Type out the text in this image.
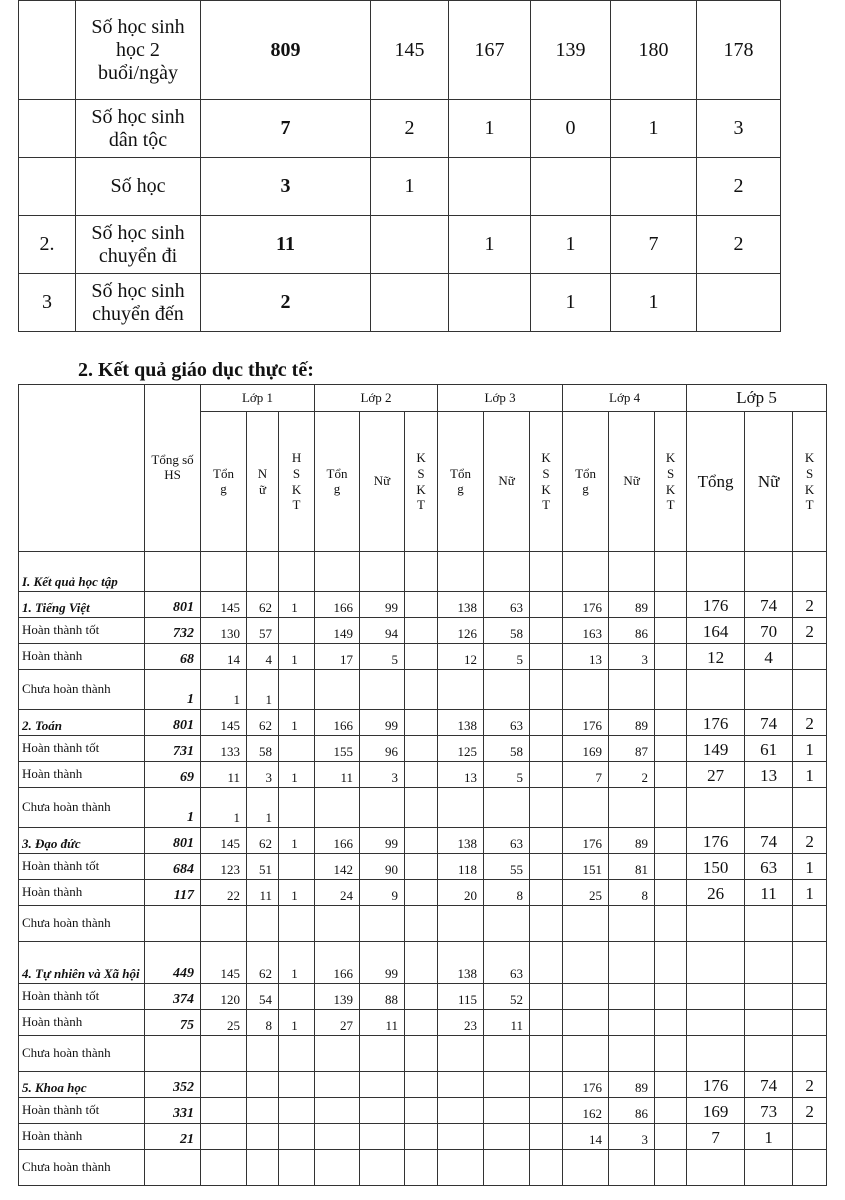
	Số học sinh học 2 buổi/ngày	809	145	167	139	180	178
	Số học sinh dân tộc	7	2	1	0	1	3
	Số học	3	1				2
2.	Số học sinh chuyển đi	11		1	1	7	2
3	Số học sinh chuyển đến	2			1	1	
2. Kết quả giáo dục thực tế:
	Tổng số HS	Lớp 1			Lớp 2			Lớp 3			Lớp 4			Lớp 5		
		Tổn g	N ữ	H S K T	Tổn g	Nữ	K S K T	Tổn g	Nữ	K S K T	Tổn g	Nữ	K S K T	Tổng	Nữ	K S K T
I. Kết quả học tập																
1. Tiếng Việt	801	145	62	1	166	99		138	63		176	89		176	74	2
Hoàn thành tốt	732	130	57		149	94		126	58		163	86		164	70	2
Hoàn thành	68	14	4	1	17	5		12	5		13	3		12	4	
Chưa hoàn thành	1	1	1													
2. Toán	801	145	62	1	166	99		138	63		176	89		176	74	2
Hoàn thành tốt	731	133	58		155	96		125	58		169	87		149	61	1
Hoàn thành	69	11	3	1	11	3		13	5		7	2		27	13	1
Chưa hoàn thành	1	1	1													
3. Đạo đức	801	145	62	1	166	99		138	63		176	89		176	74	2
Hoàn thành tốt	684	123	51		142	90		118	55		151	81		150	63	1
Hoàn thành	117	22	11	1	24	9		20	8		25	8		26	11	1
Chưa hoàn thành																
4. Tự nhiên và Xã hội	449	145	62	1	166	99		138	63							
Hoàn thành tốt	374	120	54		139	88		115	52							
Hoàn thành	75	25	8	1	27	11		23	11							
Chưa hoàn thành																
5. Khoa học	352										176	89		176	74	2
Hoàn thành tốt	331										162	86		169	73	2
Hoàn thành	21										14	3		7	1	
Chưa hoàn thành																
